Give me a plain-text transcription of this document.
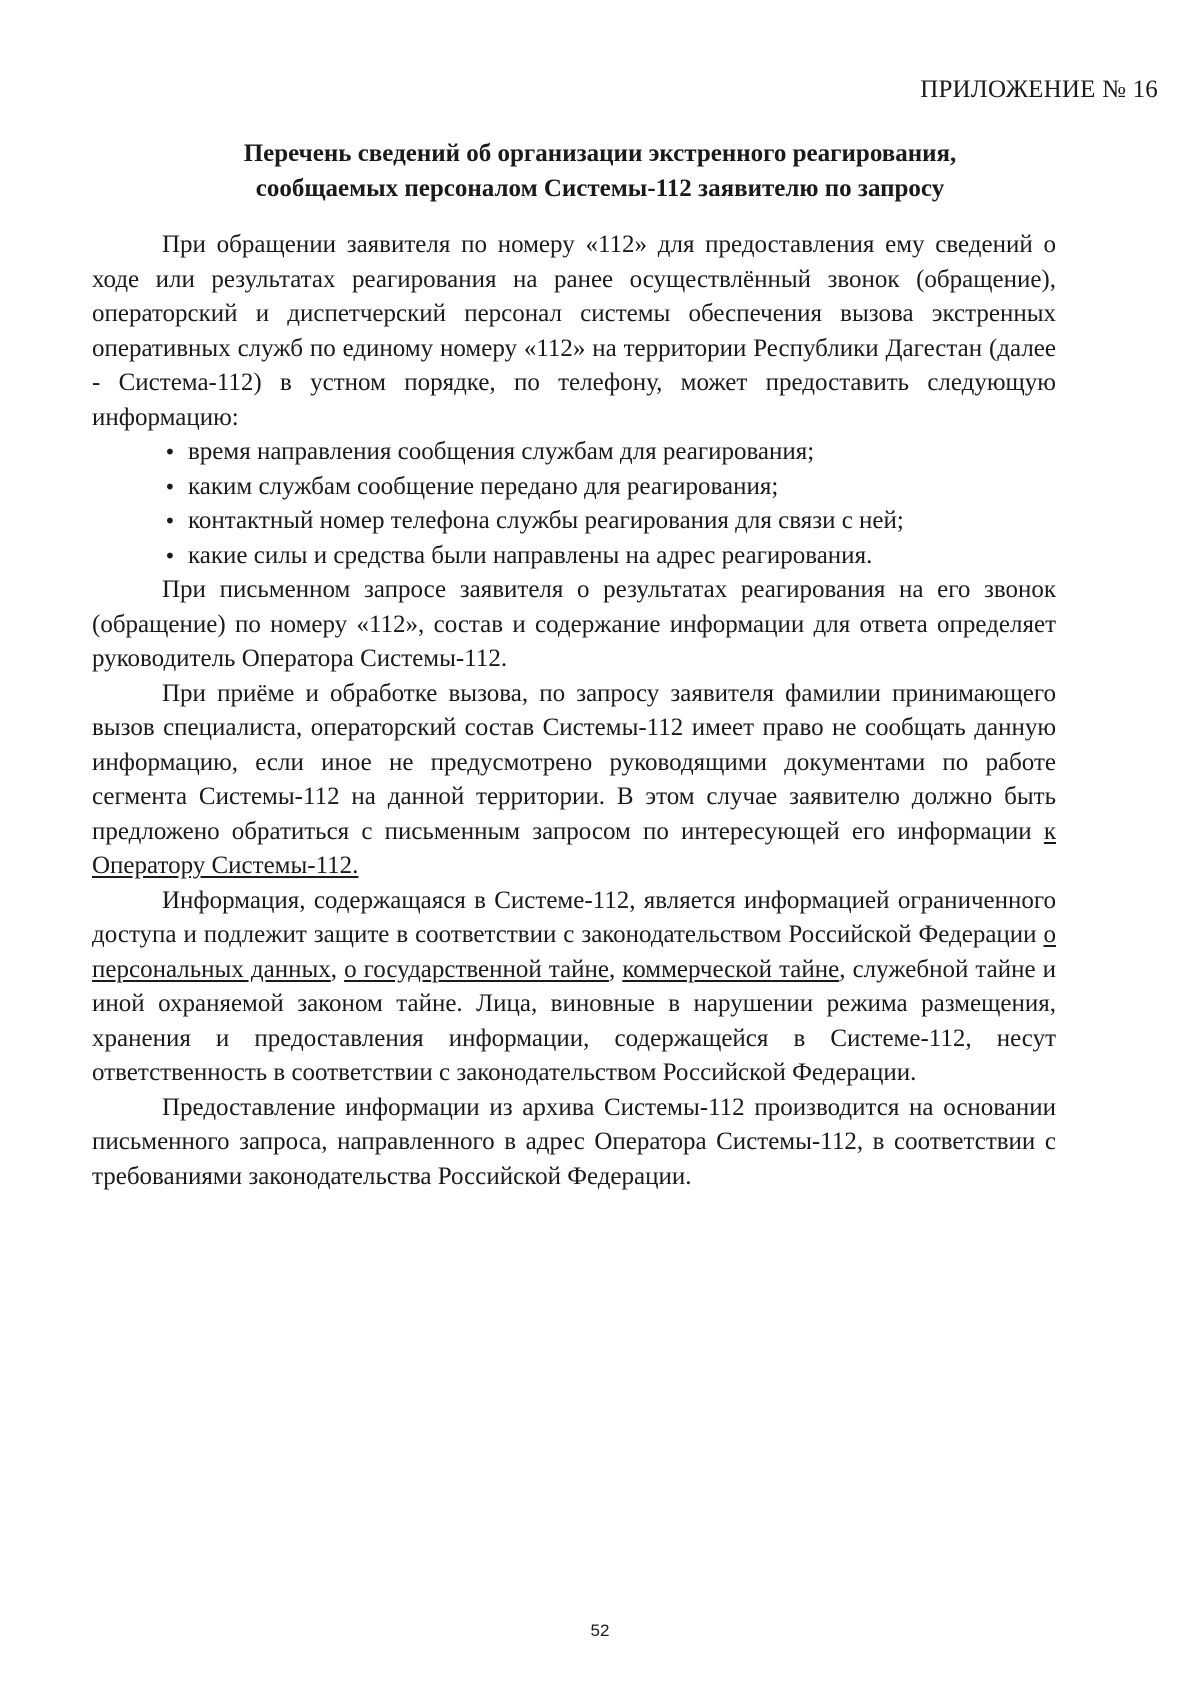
ПРИЛОЖЕНИЕ № 16
Перечень сведений об организации экстренного реагирования,
сообщаемых персоналом Системы-112 заявителю по запросу

При обращении заявителя по номеру «112» для предоставления ему сведений о ходе или результатах реагирования на ранее осуществлённый звонок (обращение), операторский и диспетчерский персонал системы обеспечения вызова экстренных оперативных служб по единому номеру «112» на территории Республики Дагестан (далее - Система-112) в устном порядке, по телефону, может предоставить следующую информацию:

• время направления сообщения службам для реагирования;
• каким службам сообщение передано для реагирования;
• контактный номер телефона службы реагирования для связи с ней;
• какие силы и средства были направлены на адрес реагирования.

При письменном запросе заявителя о результатах реагирования на его звонок (обращение) по номеру «112», состав и содержание информации для ответа определяет руководитель Оператора Системы-112.

При приёме и обработке вызова, по запросу заявителя фамилии принимающего вызов специалиста, операторский состав Системы-112 имеет право не сообщать данную информацию, если иное не предусмотрено руководящими документами по работе сегмента Системы-112 на данной территории. В этом случае заявителю должно быть предложено обратиться с письменным запросом по интересующей его информации к Оператору Системы-112.

Информация, содержащаяся в Системе-112, является информацией ограниченного доступа и подлежит защите в соответствии с законодательством Российской Федерации о персональных данных, о государственной тайне, коммерческой тайне, служебной тайне и иной охраняемой законом тайне. Лица, виновные в нарушении режима размещения, хранения и предоставления информации, содержащейся в Системе-112, несут ответственность в соответствии с законодательством Российской Федерации.

Предоставление информации из архива Системы-112 производится на основании письменного запроса, направленного в адрес Оператора Системы-112, в соответствии с требованиями законодательства Российской Федерации.

52
